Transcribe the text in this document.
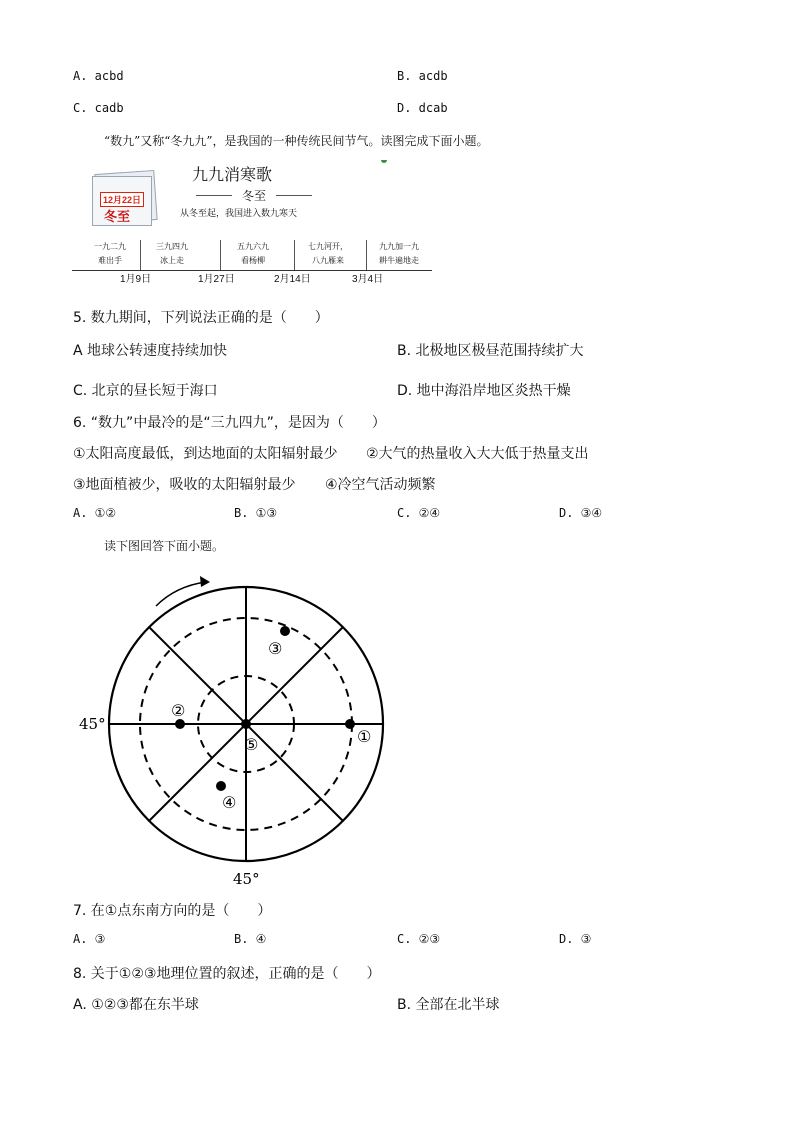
A. acbd	B. acdb
C. cadb	D. dcab
“数九”又称“冬九九”，是我国的一种传统民间节气。读图完成下面小题。
12月22日
冬至
九九消寒歌
冬至
从冬至起，我国进入数九寒天
一九二九
难出手
三九四九
冰上走
五九六九
看杨柳
七九河开，
八九雁来
九九加一九
耕牛遍地走
1月9日	1月27日	2月14日	3月4日
5. 数九期间，下列说法正确的是（　　）
A 地球公转速度持续加快	B. 北极地区极昼范围持续扩大
C. 北京的昼长短于海口	D. 地中海沿岸地区炎热干燥
6. “数九”中最冷的是“三九四九”，是因为（　　）
①太阳高度最低，到达地面的太阳辐射最少 ②大气的热量收入大大低于热量支出
③地面植被少，吸收的太阳辐射最少 ④冷空气活动频繁
A. ①②	B. ①③	C. ②④	D. ③④
读下图回答下面小题。
①
②
③
④
⑤
45°
45°
7. 在①点东南方向的是（　　）
A. ③	B. ④	C. ②③	D. ③
8. 关于①②③地理位置的叙述，正确的是（　　）
A. ①②③都在东半球	B. 全部在北半球
